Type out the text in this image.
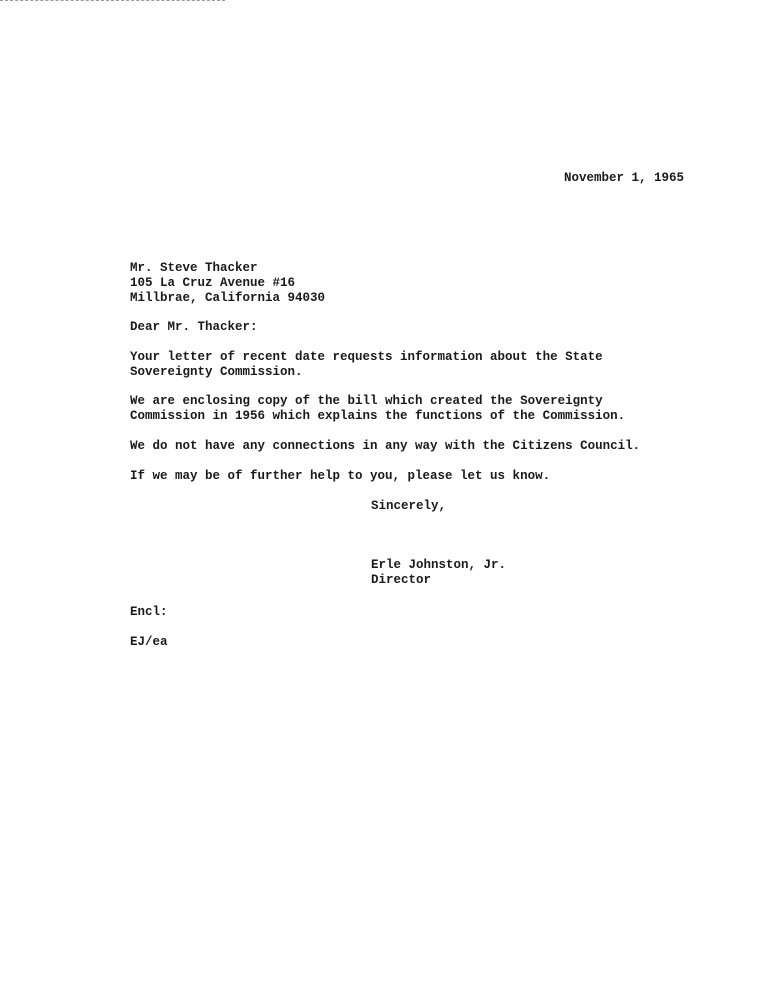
November 1, 1965

Mr. Steve Thacker

105 La Cruz Avenue #16

Millbrae, California 94030

Dear Mr. Thacker:

Your letter of recent date requests information about the State

Sovereignty Commission.

We are enclosing copy of the bill which created the Sovereignty

Commission in 1956 which explains the functions of the Commission.

We do not have any connections in any way with the Citizens Council.

If we may be of further help to you, please let us know.

Sincerely,

Erle Johnston, Jr.

Director

Encl:

EJ/ea
